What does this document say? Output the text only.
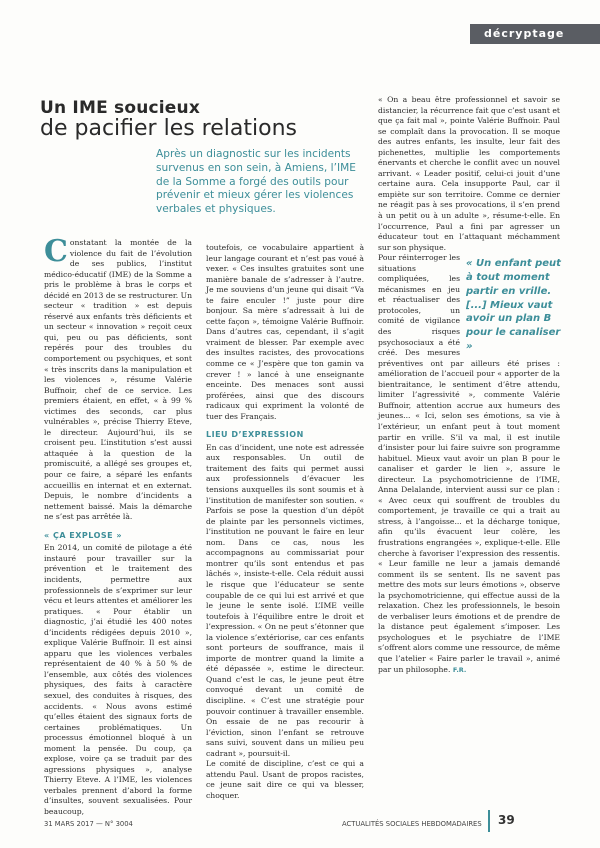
décryptage
Un IME soucieux
de pacifier les relations
Après un diagnostic sur les incidents survenus en son sein, à Amiens, l’IME de la Somme a forgé des outils pour prévenir et mieux gérer les violences verbales et physiques.
C onstatant la montée de la violence du fait de l’évolution de ses publics, l’institut médico-éducatif (IME) de la Somme a pris le problème à bras le corps et décidé en 2013 de se restructurer. Un secteur « tradition » est depuis réservé aux enfants très déficients et un secteur « innovation » reçoit ceux qui, peu ou pas déficients, sont repérés pour des troubles du comportement ou psychiques, et sont « très inscrits dans la manipulation et les violences », résume Valérie Buffnoir, chef de ce service. Les premiers étaient, en effet, « à 99 % victimes des seconds, car plus vulnérables », précise Thierry Eteve, le directeur. Aujourd’hui, ils se croisent peu. L’institution s’est aussi attaquée à la question de la promiscuité, a allégé ses groupes et, pour ce faire, a séparé les enfants accueillis en internat et en externat. Depuis, le nombre d’incidents a nettement baissé. Mais la démarche ne s’est pas arrêtée là.

« ÇA EXPLOSE »

En 2014, un comité de pilotage a été instauré pour travailler sur la prévention et le traitement des incidents, permettre aux professionnels de s’exprimer sur leur vécu et leurs attentes et améliorer les pratiques. « Pour établir un diagnostic, j’ai étudié les 400 notes d’incidents rédigées depuis 2010 », explique Valérie Buffnoir. Il est ainsi apparu que les violences verbales représentaient de 40 % à 50 % de l’ensemble, aux côtés des violences physiques, des faits à caractère sexuel, des conduites à risques, des accidents. « Nous avons estimé qu’elles étaient des signaux forts de certaines problématiques. Un processus émotionnel bloqué à un moment la pensée. Du coup, ça explose, voire ça se traduit par des agressions physiques », analyse Thierry Eteve. A l’IME, les violences verbales prennent d’abord la forme d’insultes, souvent sexualisées. Pour beaucoup,

toutefois, ce vocabulaire appartient à leur langage courant et n’est pas voué à vexer. « Ces insultes gratuites sont une manière banale de s’adresser à l’autre. Je me souviens d’un jeune qui disait “Va te faire enculer !” juste pour dire bonjour. Sa mère s’adressait à lui de cette façon », témoigne Valérie Buffnoir. Dans d’autres cas, cependant, il s’agit vraiment de blesser. Par exemple avec des insultes racistes, des provocations comme ce « J’espère que ton gamin va crever ! » lancé à une enseignante enceinte. Des menaces sont aussi proférées, ainsi que des discours radicaux qui expriment la volonté de tuer des Français.

LIEU D’EXPRESSION

En cas d’incident, une note est adressée aux responsables. Un outil de traitement des faits qui permet aussi aux professionnels d’évacuer les tensions auxquelles ils sont soumis et à l’institution de manifester son soutien. « Parfois se pose la question d’un dépôt de plainte par les personnels victimes, l’institution ne pouvant le faire en leur nom. Dans ce cas, nous les accompagnons au commissariat pour montrer qu’ils sont entendus et pas lâchés », insiste-t-elle. Cela réduit aussi le risque que l’éducateur se sente coupable de ce qui lui est arrivé et que le jeune le sente isolé. L’IME veille toutefois à l’équilibre entre le droit et l’expression. « On ne peut s’étonner que la violence s’extériorise, car ces enfants sont porteurs de souffrance, mais il importe de montrer quand la limite a été dépassée », estime le directeur. Quand c’est le cas, le jeune peut être convoqué devant un comité de discipline. « C’est une stratégie pour pouvoir continuer à travailler ensemble. On essaie de ne pas recourir à l’éviction, sinon l’enfant se retrouve sans suivi, souvent dans un milieu peu cadrant », poursuit-il.

Le comité de discipline, c’est ce qui a attendu Paul. Usant de propos racistes, ce jeune sait dire ce qui va blesser, choquer.

« On a beau être professionnel et savoir se distancier, la récurrence fait que c’est usant et que ça fait mal », pointe Valérie Buffnoir. Paul se complaît dans la provocation. Il se moque des autres enfants, les insulte, leur fait des pichenettes, multiplie les comportements énervants et cherche le conflit avec un nouvel arrivant. « Leader positif, celui-ci jouit d’une certaine aura. Cela insupporte Paul, car il empiète sur son territoire. Comme ce dernier ne réagit pas à ses provocations, il s’en prend à un petit ou à un adulte », résume-t-elle. En l’occurrence, Paul a fini par agresser un éducateur tout en l’attaquant méchamment sur son physique.

« Un enfant peut à tout moment partir en vrille. [...] Mieux vaut avoir un plan B pour le canaliser »

Pour réinterroger les situations compliquées, les mécanismes en jeu et réactualiser des protocoles, un comité de vigilance des risques psychosociaux a été créé. Des mesures préventives ont par ailleurs été prises : amélioration de l’accueil pour « apporter de la bientraitance, le sentiment d’être attendu, limiter l’agressivité », commente Valérie Buffnoir, attention accrue aux humeurs des jeunes... « Ici, selon ses émotions, sa vie à l’extérieur, un enfant peut à tout moment partir en vrille. S’il va mal, il est inutile d’insister pour lui faire suivre son programme habituel. Mieux vaut avoir un plan B pour le canaliser et garder le lien », assure le directeur. La psychomotricienne de l’IME, Anna Delalande, intervient aussi sur ce plan : « Avec ceux qui souffrent de troubles du comportement, je travaille ce qui a trait au stress, à l’angoisse... et la décharge tonique, afin qu’ils évacuent leur colère, les frustrations engrangées », explique-t-elle. Elle cherche à favoriser l’expression des ressentis. « Leur famille ne leur a jamais demandé comment ils se sentent. Ils ne savent pas mettre des mots sur leurs émotions », observe la psychomotricienne, qui effectue aussi de la relaxation. Chez les professionnels, le besoin de verbaliser leurs émotions et de prendre de la distance peut également s’imposer. Les psychologues et le psychiatre de l’IME s’offrent alors comme une ressource, de même que l’atelier « Faire parler le travail », animé par un philosophe. F.R.

31 MARS 2017 — N° 3004	ACTUALITÉS SOCIALES HEBDOMADAIRES 39
